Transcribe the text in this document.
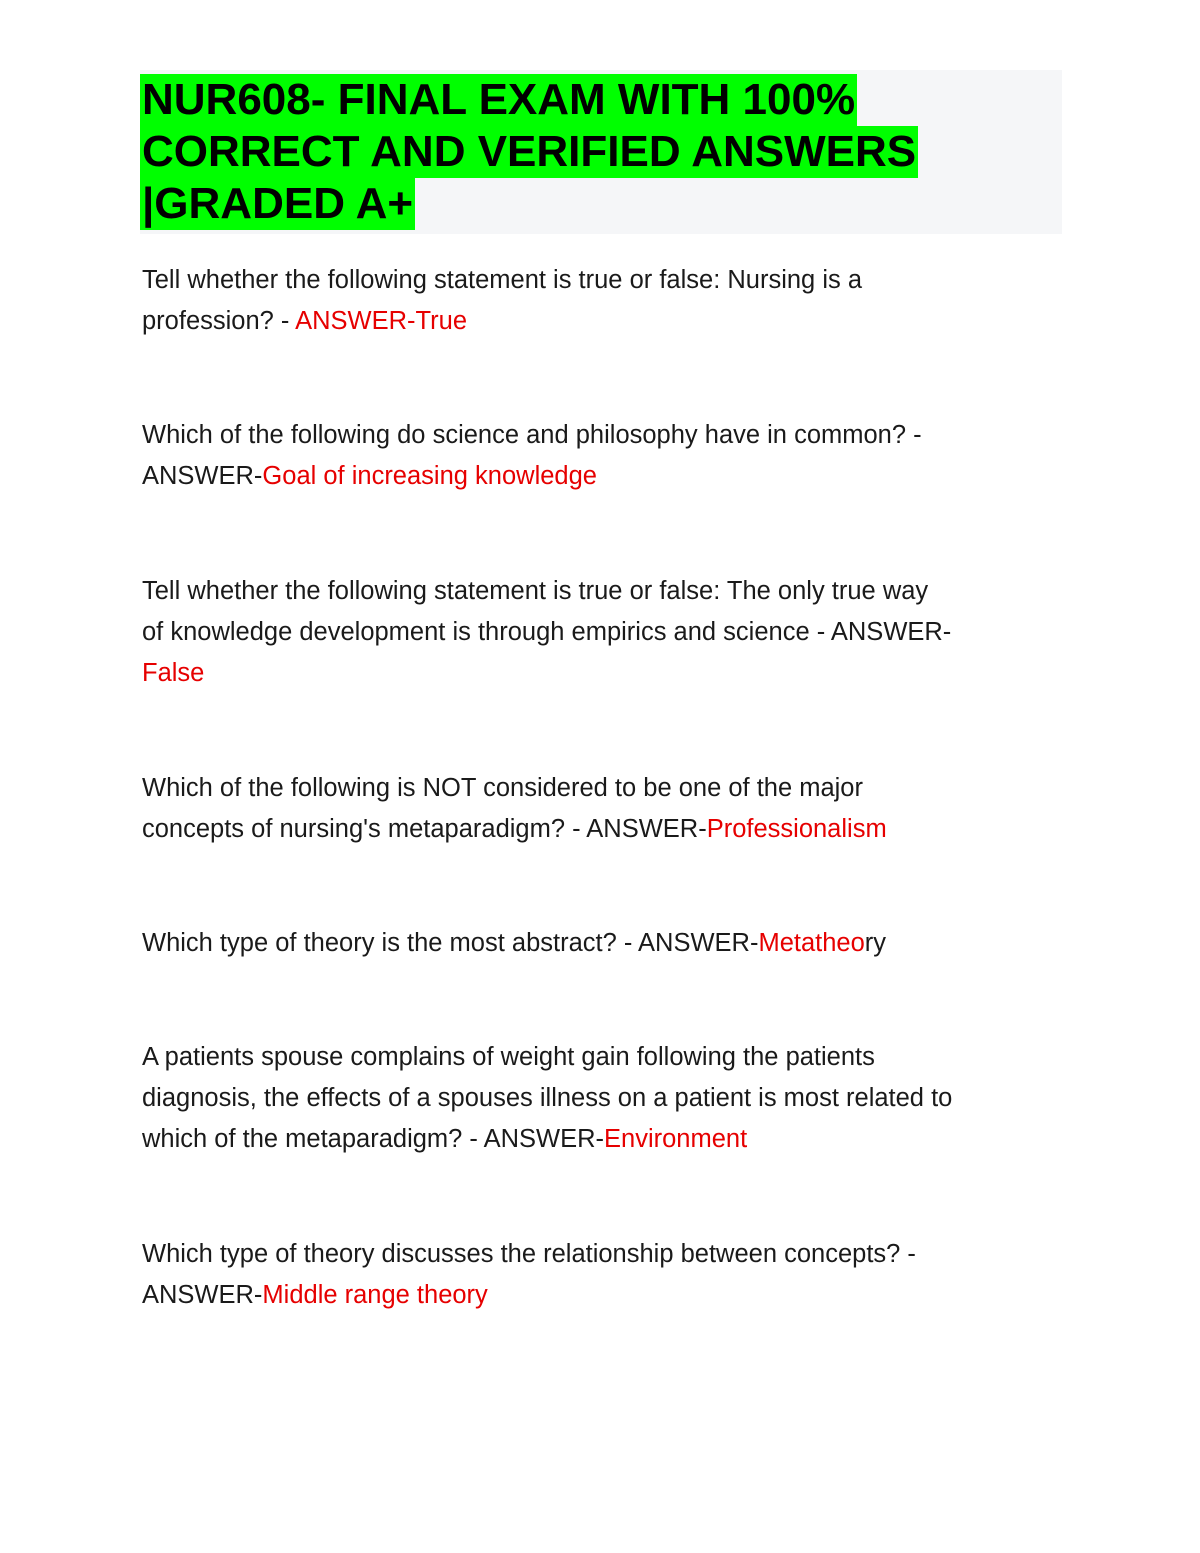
NUR608- FINAL EXAM WITH 100%
CORRECT AND VERIFIED ANSWERS
|GRADED A+

Tell whether the following statement is true or false: Nursing is a
profession? - ANSWER-True

Which of the following do science and philosophy have in common? -
ANSWER-Goal of increasing knowledge

Tell whether the following statement is true or false: The only true way
of knowledge development is through empirics and science - ANSWER-
False

Which of the following is NOT considered to be one of the major
concepts of nursing's metaparadigm? - ANSWER-Professionalism

Which type of theory is the most abstract? - ANSWER-Metatheory

A patients spouse complains of weight gain following the patients
diagnosis, the effects of a spouses illness on a patient is most related to
which of the metaparadigm? - ANSWER-Environment

Which type of theory discusses the relationship between concepts? -
ANSWER-Middle range theory
